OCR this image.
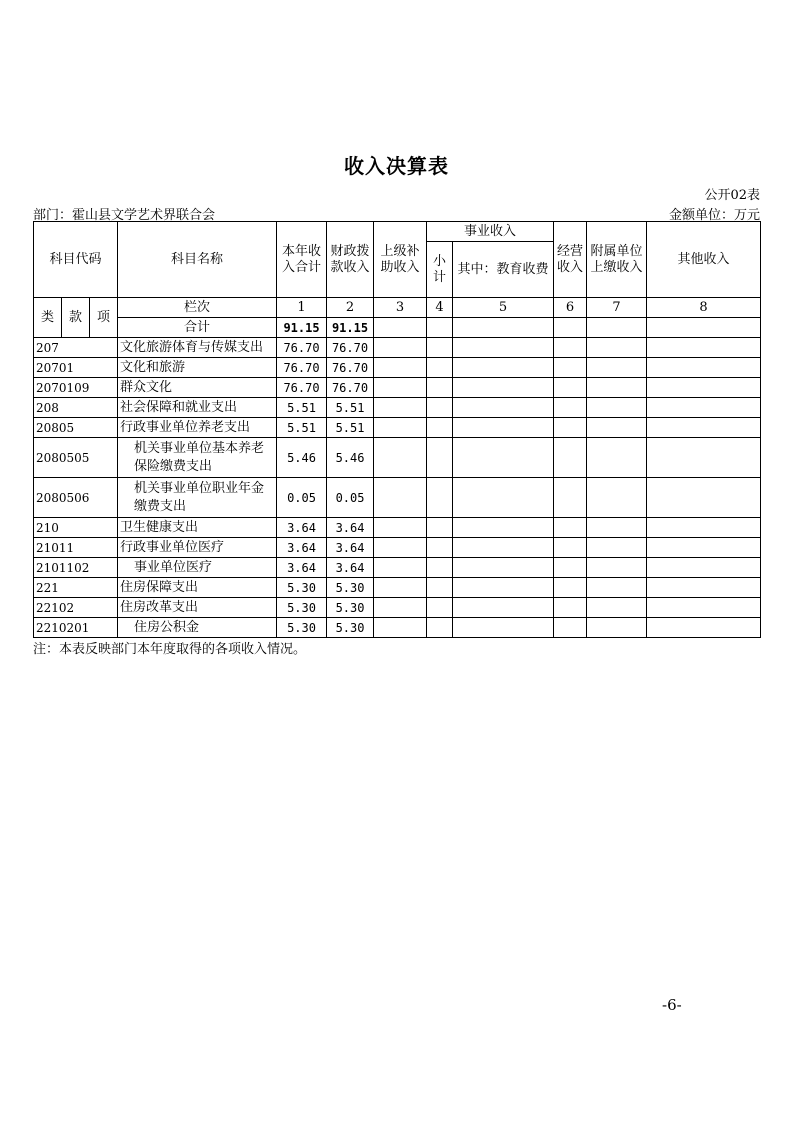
收入决算表
公开02表
部门：霍山县文学艺术界联合会	金额单位：万元
科目代码			科目名称	本年收入合计	财政拨款收入	上级补助收入	事业收入		经营收入	附属单位上缴收入	其他收入	
							小计	其中：教育收费				

类	款	项	栏次	1	2	3	4	5	6	7	8	
			合计	91.15	91.15							
207			文化旅游体育与传媒支出	76.70	76.70							
20701			文化和旅游	76.70	76.70							
2070109			群众文化	76.70	76.70							
208			社会保障和就业支出	5.51	5.51							
20805			行政事业单位养老支出	5.51	5.51							
2080505			机关事业单位基本养老保险缴费支出	5.46	5.46							
2080506			机关事业单位职业年金缴费支出	0.05	0.05							
210			卫生健康支出	3.64	3.64							
21011			行政事业单位医疗	3.64	3.64							
2101102			事业单位医疗	3.64	3.64							
221			住房保障支出	5.30	5.30							
22102			住房改革支出	5.30	5.30							
2210201			住房公积金	5.30	5.30							
注：本表反映部门本年度取得的各项收入情况。
-6-
